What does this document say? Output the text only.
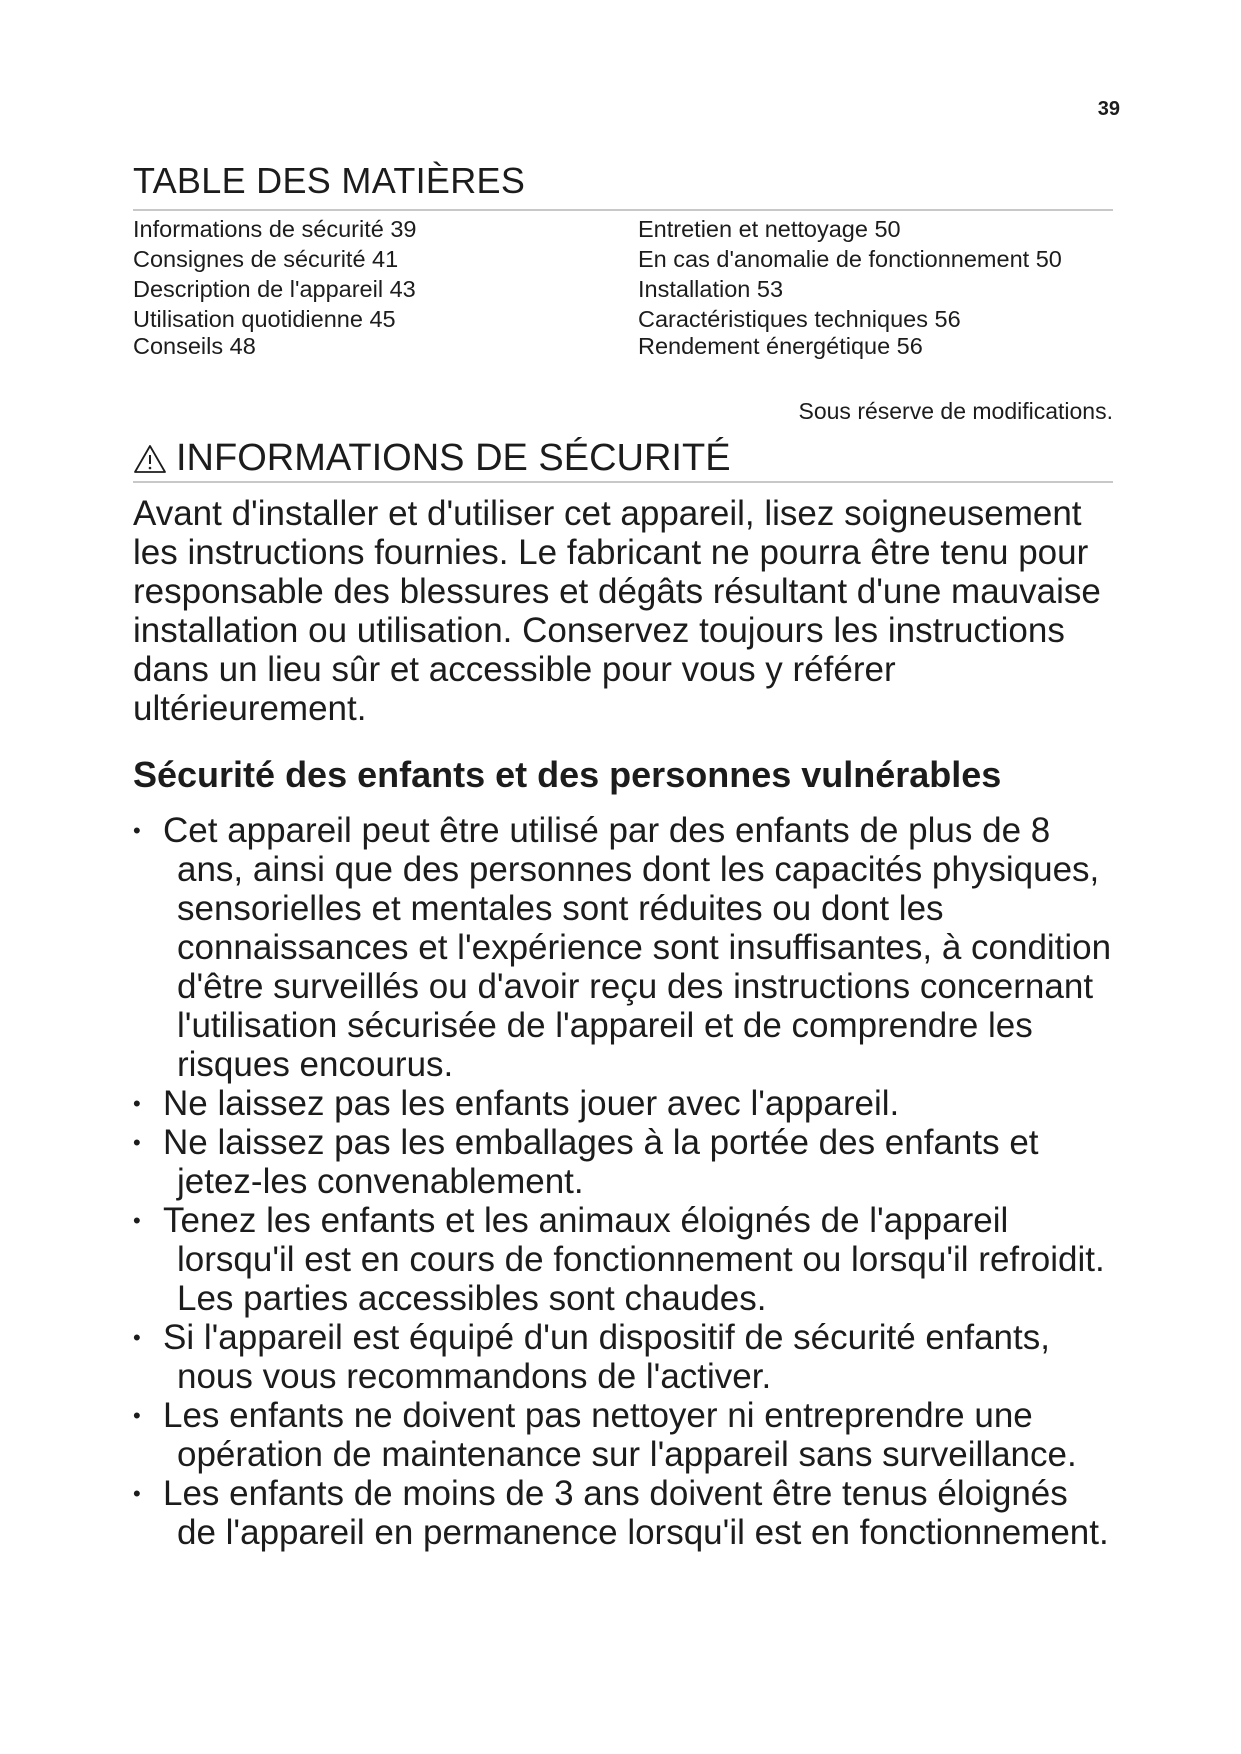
39
TABLE DES MATIÈRES
Informations de sécurité 39
Consignes de sécurité 41
Description de l'appareil 43
Utilisation quotidienne 45
Conseils 48
Entretien et nettoyage 50
En cas d'anomalie de fonctionnement 50
Installation 53
Caractéristiques techniques 56
Rendement énergétique 56
Sous réserve de modifications.
INFORMATIONS DE SÉCURITÉ

Avant d'installer et d'utiliser cet appareil, lisez soigneusement les instructions fournies. Le fabricant ne pourra être tenu pour responsable des blessures et dégâts résultant d'une mauvaise installation ou utilisation. Conservez toujours les instructions dans un lieu sûr et accessible pour vous y référer ultérieurement.

Sécurité des enfants et des personnes vulnérables
• Cet appareil peut être utilisé par des enfants de plus de 8 ans, ainsi que des personnes dont les capacités physiques, sensorielles et mentales sont réduites ou dont les connaissances et l'expérience sont insuffisantes, à condition d'être surveillés ou d'avoir reçu des instructions concernant l'utilisation sécurisée de l'appareil et de comprendre les risques encourus.
• Ne laissez pas les enfants jouer avec l'appareil.
• Ne laissez pas les emballages à la portée des enfants et jetez-les convenablement.
• Tenez les enfants et les animaux éloignés de l'appareil lorsqu'il est en cours de fonctionnement ou lorsqu'il refroidit. Les parties accessibles sont chaudes.
• Si l'appareil est équipé d'un dispositif de sécurité enfants, nous vous recommandons de l'activer.
• Les enfants ne doivent pas nettoyer ni entreprendre une opération de maintenance sur l'appareil sans surveillance.
• Les enfants de moins de 3 ans doivent être tenus éloignés de l'appareil en permanence lorsqu'il est en fonctionnement.
